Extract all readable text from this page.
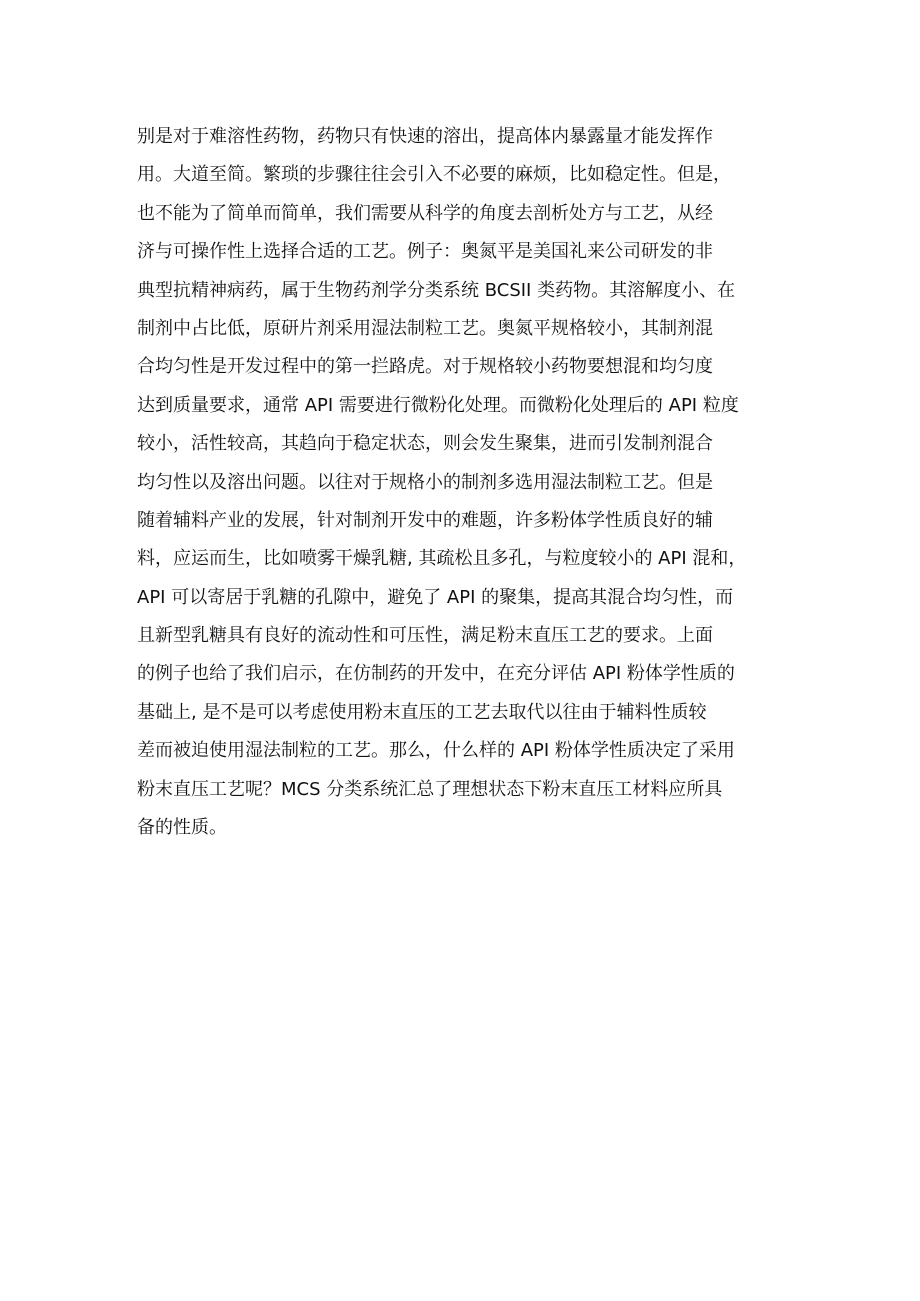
别是对于难溶性药物，药物只有快速的溶出，提高体内暴露量才能发挥作
用。大道至简。繁琐的步骤往往会引入不必要的麻烦，比如稳定性。但是，
也不能为了简单而简单，我们需要从科学的角度去剖析处方与工艺，从经
济与可操作性上选择合适的工艺。例子：奥氮平是美国礼来公司研发的非
典型抗精神病药，属于生物药剂学分类系统 BCSII 类药物。其溶解度小、在
制剂中占比低，原研片剂采用湿法制粒工艺。奥氮平规格较小，其制剂混
合均匀性是开发过程中的第一拦路虎。对于规格较小药物要想混和均匀度
达到质量要求，通常 API 需要进行微粉化处理。而微粉化处理后的 API 粒度
较小，活性较高，其趋向于稳定状态，则会发生聚集，进而引发制剂混合
均匀性以及溶出问题。以往对于规格小的制剂多选用湿法制粒工艺。但是
随着辅料产业的发展，针对制剂开发中的难题，许多粉体学性质良好的辅
料，应运而生，比如喷雾干燥乳糖, 其疏松且多孔，与粒度较小的 API 混和，
API 可以寄居于乳糖的孔隙中，避免了 API 的聚集，提高其混合均匀性，而
且新型乳糖具有良好的流动性和可压性，满足粉末直压工艺的要求。上面
的例子也给了我们启示，在仿制药的开发中，在充分评估 API 粉体学性质的
基础上, 是不是可以考虑使用粉末直压的工艺去取代以往由于辅料性质较
差而被迫使用湿法制粒的工艺。那么，什么样的 API 粉体学性质决定了采用
粉末直压工艺呢？MCS 分类系统汇总了理想状态下粉末直压工材料应所具
备的性质。
